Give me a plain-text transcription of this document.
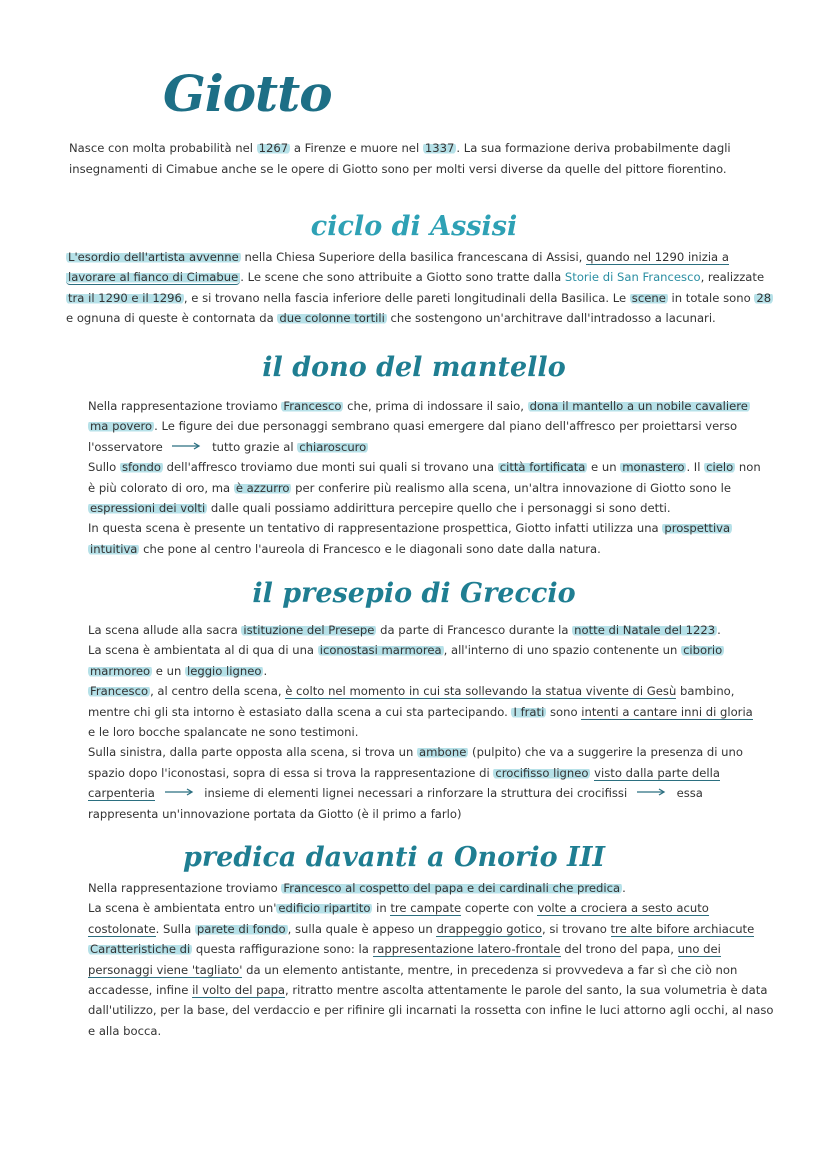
Giotto
Nasce con molta probabilità nel 1267 a Firenze e muore nel 1337 . La sua formazione deriva probabilmente dagli
insegnamenti di Cimabue anche se le opere di Giotto sono per molti versi diverse da quelle del pittore fiorentino.
ciclo di Assisi
L'esordio dell'artista avvenne nella Chiesa Superiore della basilica francescana di Assisi, quando nel 1290 inizia a
lavorare al fianco di Cimabue . Le scene che sono attribuite a Giotto sono tratte dalla Storie di San Francesco, realizzate
tra il 1290 e il 1296 , e si trovano nella fascia inferiore delle pareti longitudinali della Basilica. Le scene in totale sono 28
e ognuna di queste è contornata da due colonne tortili che sostengono un'architrave dall'intradosso a lacunari.
il dono del mantello
Nella rappresentazione troviamo Francesco che, prima di indossare il saio, dona il mantello a un nobile cavaliere
ma povero . Le figure dei due personaggi sembrano quasi emergere dal piano dell'affresco per proiettarsi verso
l'osservatore	tutto grazie al chiaroscuro
Sullo sfondo dell'affresco troviamo due monti sui quali si trovano una città fortificata e un monastero . Il cielo non
è più colorato di oro, ma è azzurro per conferire più realismo alla scena, un'altra innovazione di Giotto sono le
espressioni dei volti dalle quali possiamo addirittura percepire quello che i personaggi si sono detti.
In questa scena è presente un tentativo di rappresentazione prospettica, Giotto infatti utilizza una prospettiva
intuitiva che pone al centro l'aureola di Francesco e le diagonali sono date dalla natura.
il presepio di Greccio
La scena allude alla sacra istituzione del Presepe da parte di Francesco durante la notte di Natale del 1223 .
La scena è ambientata al di qua di una iconostasi marmorea , all'interno di uno spazio contenente un ciborio
marmoreo e un leggio ligneo .
Francesco , al centro della scena, è colto nel momento in cui sta sollevando la statua vivente di Gesù bambino,
mentre chi gli sta intorno è estasiato dalla scena a cui sta partecipando. I frati sono intenti a cantare inni di gloria
e le loro bocche spalancate ne sono testimoni.
Sulla sinistra, dalla parte opposta alla scena, si trova un ambone (pulpito) che va a suggerire la presenza di uno
spazio dopo l'iconostasi, sopra di essa si trova la rappresentazione di crocifisso ligneo visto dalla parte della
carpenteria	insieme di elementi lignei necessari a rinforzare la struttura dei crocifissi	essa
rappresenta un'innovazione portata da Giotto (è il primo a farlo)
predica davanti a Onorio III
Nella rappresentazione troviamo Francesco al cospetto del papa e dei cardinali che predica .
La scena è ambientata entro un' edificio ripartito in tre campate coperte con volte a crociera a sesto acuto
costolonate. Sulla parete di fondo , sulla quale è appeso un drappeggio gotico, si trovano tre alte bifore archiacute
Caratteristiche di questa raffigurazione sono: la rappresentazione latero-frontale del trono del papa, uno dei
personaggi viene 'tagliato' da un elemento antistante, mentre, in precedenza si provvedeva a far sì che ciò non
accadesse, infine il volto del papa, ritratto mentre ascolta attentamente le parole del santo, la sua volumetria è data
dall'utilizzo, per la base, del verdaccio e per rifinire gli incarnati la rossetta con infine le luci attorno agli occhi, al naso
e alla bocca.
